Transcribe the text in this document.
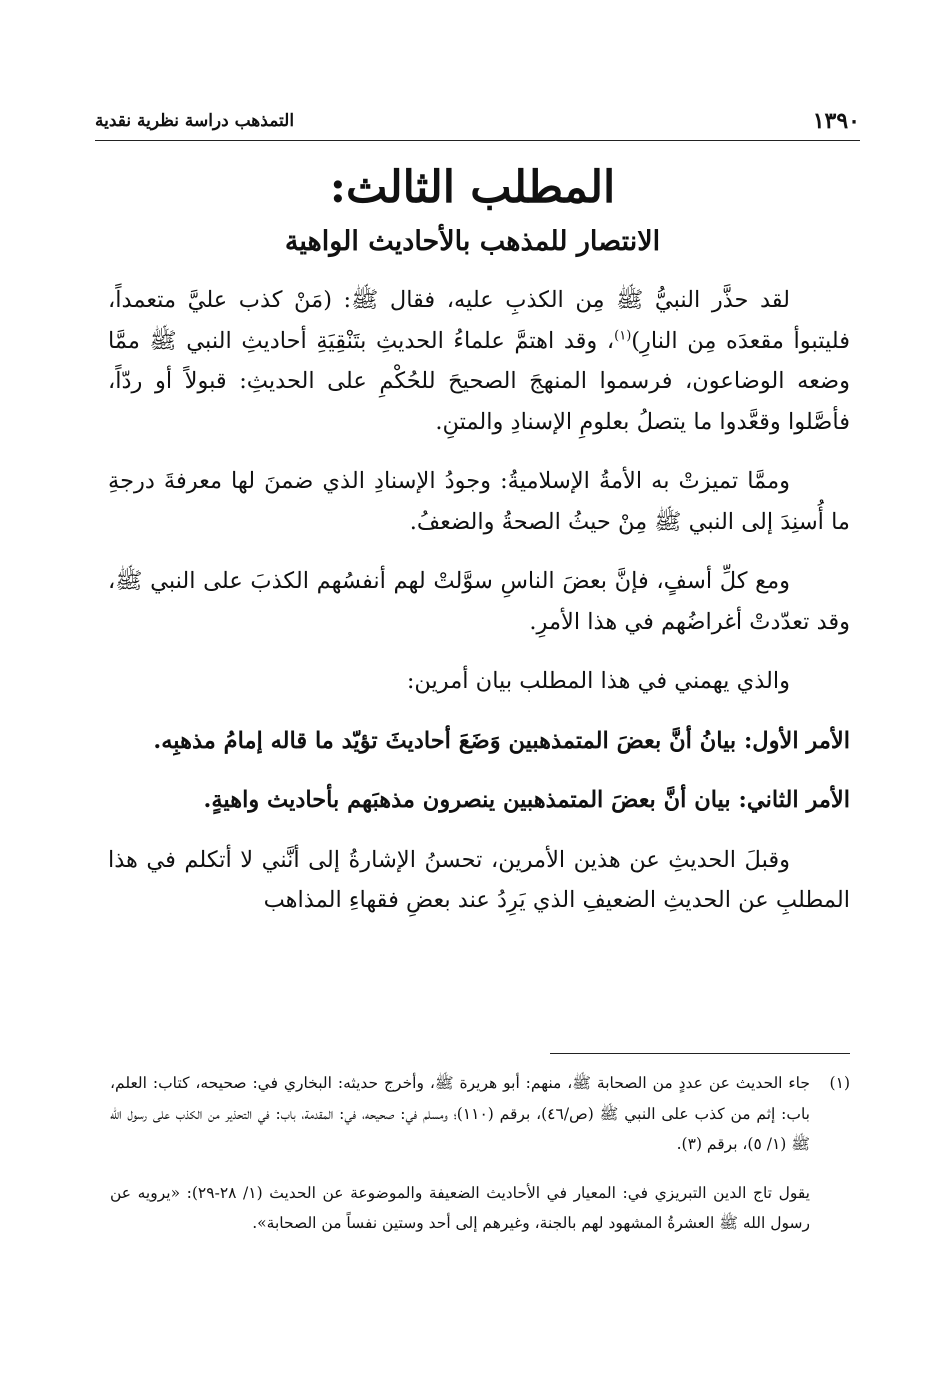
١٣٩٠
التمذهب دراسة نظرية نقدية
المطلب الثالث:
الانتصار للمذهب بالأحاديث الواهية

لقد حذَّر النبيُّ ﷺ مِن الكذبِ عليه، فقال ﷺ: (مَنْ كذب عليَّ متعمداً، فليتبوأ مقعدَه مِن النارِ)$^{(١)}$، وقد اهتمَّ علماءُ الحديثِ بتَنْقِيَةِ أحاديثِ النبي ﷺ ممَّا وضعه الوضاعون، فرسموا المنهجَ الصحيحَ للحُكْمِ على الحديثِ: قبولاً أو ردّاً، فأصَّلوا وقعَّدوا ما يتصلُ بعلومِ الإسنادِ والمتنِ.

وممَّا تميزتْ به الأمةُ الإسلاميةُ: وجودُ الإسنادِ الذي ضمنَ لها معرفةَ درجةِ ما أُسنِدَ إلى النبي ﷺ مِنْ حيثُ الصحةُ والضعفُ.

ومع كلِّ أسفٍ، فإنَّ بعضَ الناسِ سوَّلتْ لهم أنفسُهم الكذبَ على النبي ﷺ، وقد تعدّدتْ أغراضُهم في هذا الأمرِ.

والذي يهمني في هذا المطلب بيان أمرين:

الأمر الأول: بيانُ أنَّ بعضَ المتمذهبين وَضَعَ أحاديثَ تؤيّد ما قاله إمامُ مذهبِه.

الأمر الثاني: بيان أنَّ بعضَ المتمذهبين ينصرون مذهبَهم بأحاديث واهيةٍ.

وقبلَ الحديثِ عن هذين الأمرين، تحسنُ الإشارةُ إلى أنَّني لا أتكلم في هذا المطلبِ عن الحديثِ الضعيفِ الذي يَرِدُ عند بعضِ فقهاءِ المذاهب

(١)

جاء الحديث عن عددٍ من الصحابة ﷺ، منهم: أبو هريرة ﷺ، وأخرج حديثه: البخاري في: صحيحه، كتاب: العلم، باب: إثم من كذب على النبي ﷺ (ص/٤٦)، برقم (١١٠)؛ ومسلم في: صحيحه، في: المقدمة، باب: في التحذير من الكذب على رسول الله ﷺ (١/ ٥)، برقم (٣).

يقول تاج الدين التبريزي في: المعيار في الأحاديث الضعيفة والموضوعة عن الحديث (١/ ٢٨-٢٩): «يرويه عن رسول الله ﷺ العشرةُ المشهود لهم بالجنة، وغيرهم إلى أحد وستين نفساً من الصحابة».
